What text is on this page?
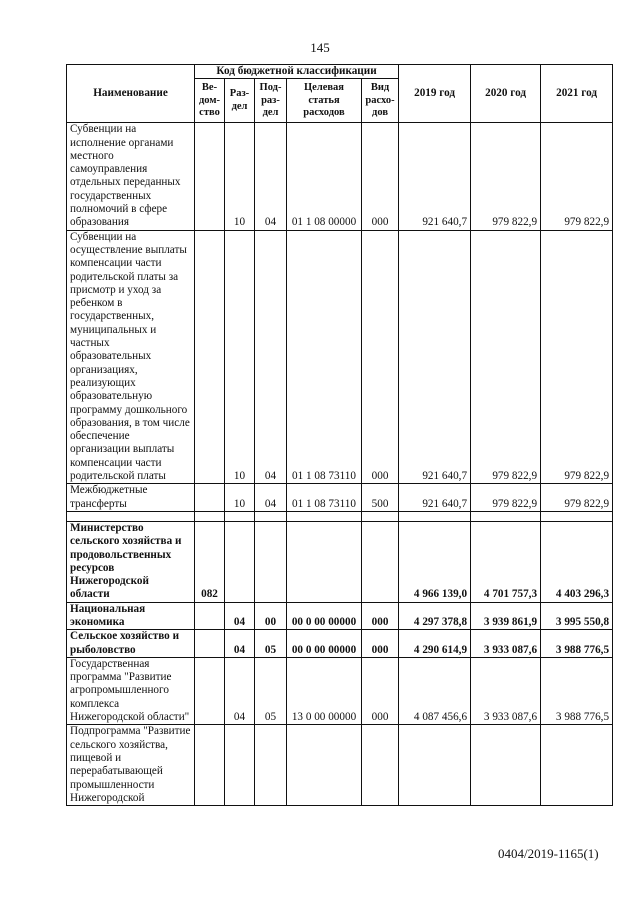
145
Наименование	Код бюджетной классификации					2019 год	2020 год	2021 год
	Ве-дом-ство	Раз-дел	Под-раз-дел	Целевая статья расходов	Вид расхо-дов			
Субвенции на исполнение органами местного самоуправления отдельных переданных государственных полномочий в сфере образования		10	04	01 1 08 00000	000	921 640,7	979 822,9	979 822,9
Субвенции на осуществление выплаты компенсации части родительской платы за присмотр и уход за ребенком в государственных, муниципальных и частных образовательных организациях, реализующих образовательную программу дошкольного образования, в том числе обеспечение организации выплаты компенсации части родительской платы		10	04	01 1 08 73110	000	921 640,7	979 822,9	979 822,9
Межбюджетные трансферты		10	04	01 1 08 73110	500	921 640,7	979 822,9	979 822,9

Министерство сельского хозяйства и продовольственных ресурсов Нижегородской области	082					4 966 139,0	4 701 757,3	4 403 296,3
Национальная экономика		04	00	00 0 00 00000	000	4 297 378,8	3 939 861,9	3 995 550,8
Сельское хозяйство и рыболовство		04	05	00 0 00 00000	000	4 290 614,9	3 933 087,6	3 988 776,5
Государственная программа "Развитие агропромышленного комплекса Нижегородской области"		04	05	13 0 00 00000	000	4 087 456,6	3 933 087,6	3 988 776,5
Подпрограмма "Развитие сельского хозяйства, пищевой и перерабатывающей промышленности Нижегородской								
0404/2019-1165(1)
